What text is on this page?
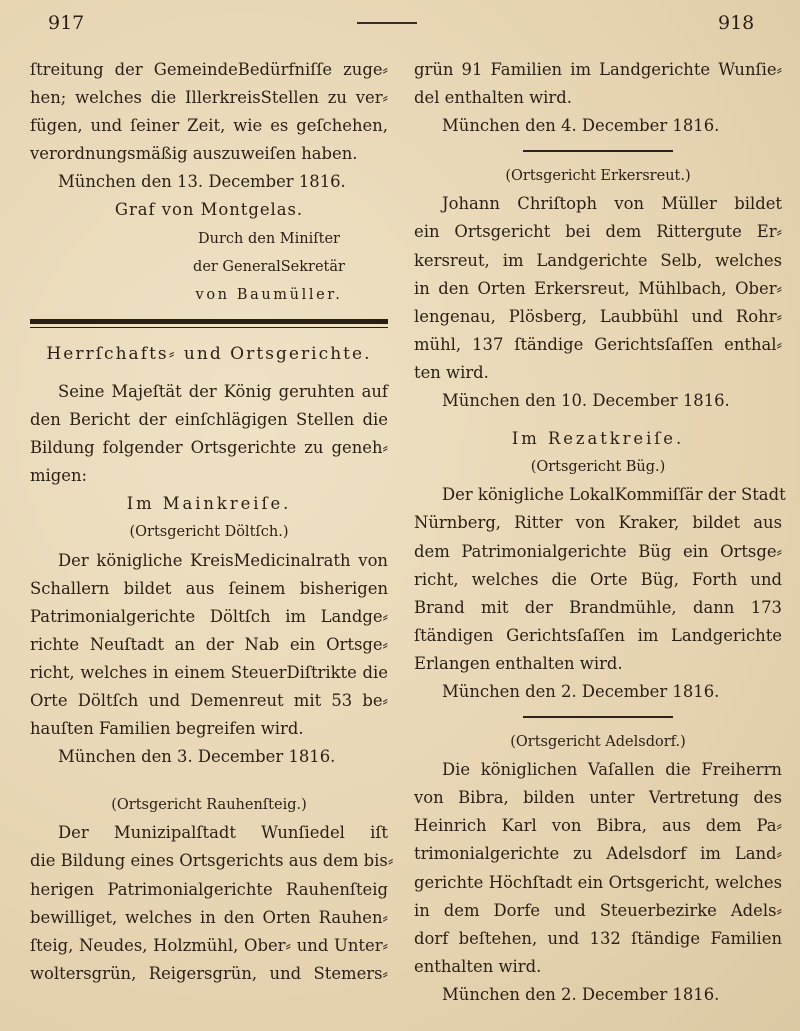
917	918
ſtreitung der GemeindeBedürfniſſe zuge⸗
hen; welches die IllerkreisStellen zu ver⸗
fügen, und ſeiner Zeit, wie es geſchehen,
verordnungsmäßig auszuweiſen haben.
München den 13. December 1816.
Graf von Montgelas.
Durch den Miniſter
der GeneralSekretär
von Baumüller.
Herrſchafts⸗ und Ortsgerichte.
Seine Majeſtät der König geruhten auf
den Bericht der einſchlägigen Stellen die
Bildung folgender Ortsgerichte zu geneh⸗
migen:
Im Mainkreiſe.
(Ortsgericht Döltſch.)
Der königliche KreisMedicinalrath von
Schallern bildet aus ſeinem bisherigen
Patrimonialgerichte Döltſch im Landge⸗
richte Neuſtadt an der Nab ein Ortsge⸗
richt, welches in einem SteuerDiſtrikte die
Orte Döltſch und Demenreut mit 53 be⸗
hauſten Familien begreifen wird.
München den 3. December 1816.
(Ortsgericht Rauhenſteig.)
Der Munizipalſtadt Wunſiedel iſt
die Bildung eines Ortsgerichts aus dem bis⸗
herigen Patrimonialgerichte Rauhenſteig
bewilliget, welches in den Orten Rauhen⸗
ſteig, Neudes, Holzmühl, Ober⸗ und Unter⸗
woltersgrün, Reigersgrün, und Stemers⸗
grün 91 Familien im Landgerichte Wunſie⸗
del enthalten wird.
München den 4. December 1816.
(Ortsgericht Erkersreut.)
Johann Chriſtoph von Müller bildet
ein Ortsgericht bei dem Rittergute Er⸗
kersreut, im Landgerichte Selb, welches
in den Orten Erkersreut, Mühlbach, Ober⸗
lengenau, Plösberg, Laubbühl und Rohr⸗
mühl, 137 ſtändige Gerichtsſaſſen enthal⸗
ten wird.
München den 10. December 1816.
Im Rezatkreiſe.
(Ortsgericht Büg.)
Der königliche LokalKommiſſär der Stadt
Nürnberg, Ritter von Kraker, bildet aus
dem Patrimonialgerichte Büg ein Ortsge⸗
richt, welches die Orte Büg, Forth und
Brand mit der Brandmühle, dann 173
ſtändigen Gerichtsſaſſen im Landgerichte
Erlangen enthalten wird.
München den 2. December 1816.
(Ortsgericht Adelsdorf.)
Die königlichen Vaſallen die Freiherrn
von Bibra, bilden unter Vertretung des
Heinrich Karl von Bibra, aus dem Pa⸗
trimonialgerichte zu Adelsdorf im Land⸗
gerichte Höchſtadt ein Ortsgericht, welches
in dem Dorfe und Steuerbezirke Adels⸗
dorf beſtehen, und 132 ſtändige Familien
enthalten wird.
München den 2. December 1816.
